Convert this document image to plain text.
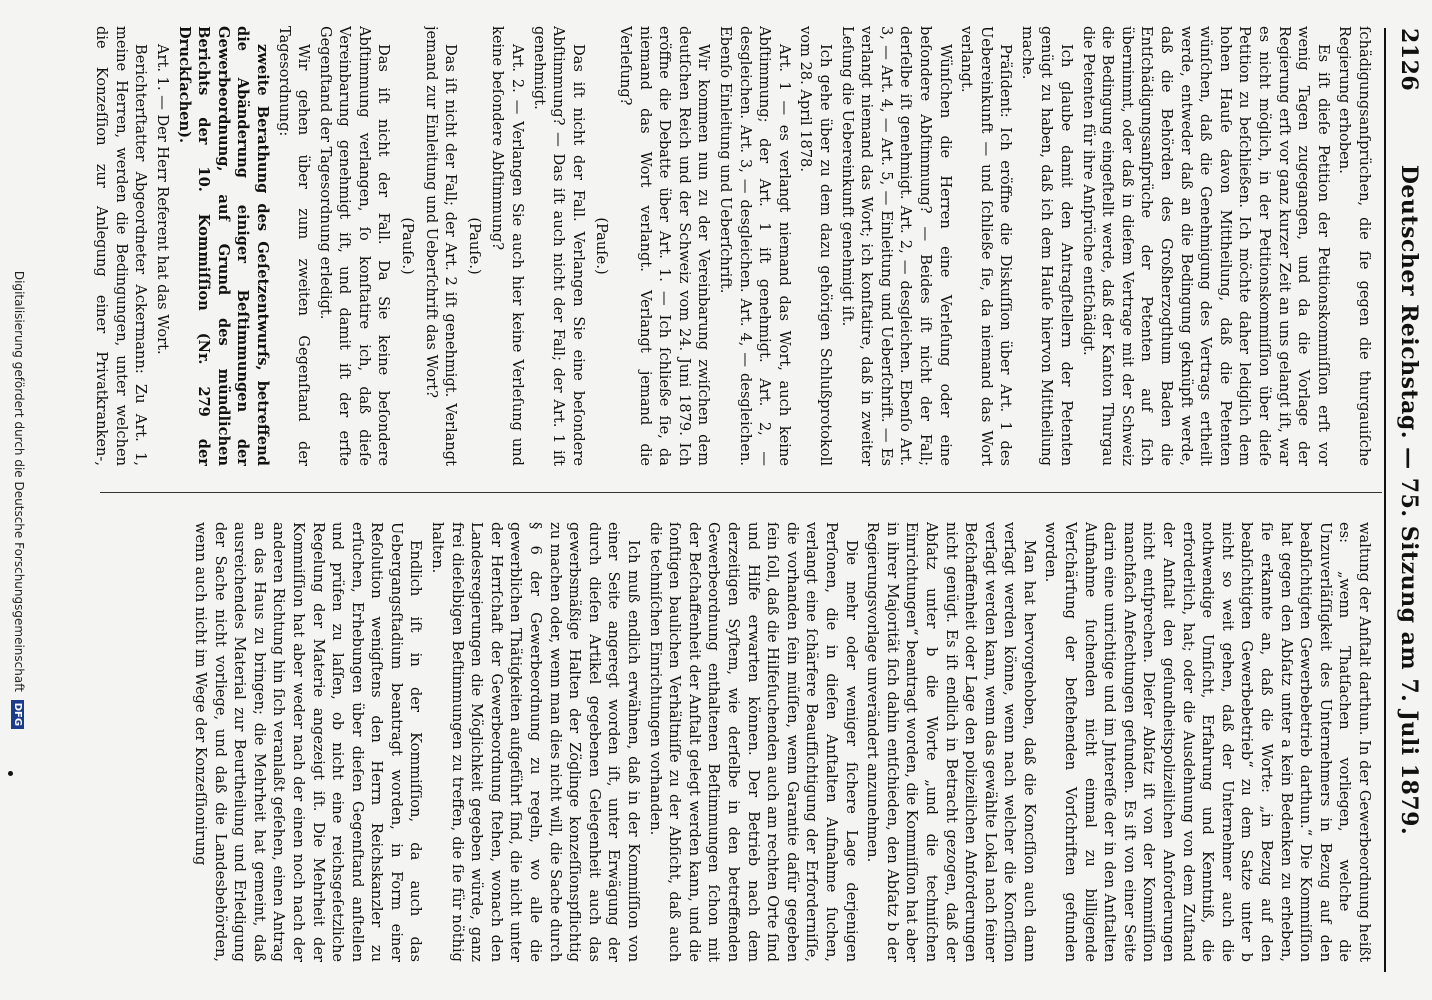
2126
Deutscher Reichstag. — 75. Sitzung am 7. Juli 1879.

ſchädigungsanſprüchen, die ſie gegen die thurgauiſche Regierung erhoben.

Es iſt dieſe Petition der Petitionskommiſſion erſt vor wenig Tagen zugegangen, und da die Vorlage der Regierung erſt vor ganz kurzer Zeit an uns gelangt iſt, war es nicht möglich, in der Petitionskommiſſion über dieſe Petition zu beſchließen. Ich möchte daher lediglich dem hohen Hauſe davon Mittheilung, daß die Petenten wünſchen, daß die Genehmigung des Vertrags ertheilt werde, entweder daß an die Bedingung geknüpft werde, daß die Behörden des Großherzogthum Baden die Entſchädigungsanſprüche der Petenten auf ſich übernimmt, oder daß in dieſem Vertrage mit der Schweiz die Bedingung eingeſtellt werde, daß der Kanton Thurgau die Petenten für ihre Anſprüche entſchädigt.

Ich glaube damit den Antragſtellern der Petenten genügt zu haben, daß ich dem Hauſe hiervon Mittheilung mache.

Präſident: Ich eröffne die Diskuſſion über Art. 1 des Uebereinkunft — und ſchließe ſie, da niemand das Wort verlangt.

Wünſchen die Herren eine Verleſung oder eine beſondere Abſtimmung? — Beides iſt nicht der Fall; derſelbe iſt genehmigt. Art. 2, — desgleichen. Ebenſo Art. 3, — Art. 4, — Art. 5, — Einleitung und Ueberſchrift. — Es verlangt niemand das Wort; ich konſtatire, daß in zweiter Leſung die Uebereinkunft genehmigt iſt.

Ich gehe über zu dem dazu gehörigen Schlußprotokoll vom 28. April 1878.

Art. 1 — es verlangt niemand das Wort, auch keine Abſtimmung; der Art. 1 iſt genehmigt. Art. 2, — desgleichen. Art. 3, — desgleichen. Art. 4, — desgleichen. Ebenſo Einleitung und Ueberſchrift.

Wir kommen nun zu der Vereinbarung zwiſchen dem deutſchen Reich und der Schweiz vom 24. Juni 1879. Ich eröffne die Debatte über Art. 1. — Ich ſchließe ſie, da niemand das Wort verlangt. Verlangt jemand die Verleſung?

(Pauſe.)

Das iſt nicht der Fall. Verlangen Sie eine beſondere Abſtimmung? — Das iſt auch nicht der Fall; der Art. 1 iſt genehmigt.

Art. 2. — Verlangen Sie auch hier keine Verleſung und keine beſondere Abſtimmung?

(Pauſe.)

Das iſt nicht der Fall; der Art. 2 iſt genehmigt. Verlangt jemand zur Einleitung und Ueberſchrift das Wort?

(Pauſe.)

Das iſt nicht der Fall. Da Sie keine beſondere Abſtimmung verlangen, ſo konſtatire ich, daß dieſe Vereinbarung genehmigt iſt, und damit iſt der erſte Gegenſtand der Tagesordnung erledigt.

Wir gehen über zum zweiten Gegenſtand der Tagesordnung:

zweite Berathung des Geſetzentwurfs, betreffend die Abänderung einiger Beſtimmungen der Gewerbeordnung, auf Grund des mündlichen Berichts der 10. Kommiſſion (Nr. 279 der Druckſachen).

Art. 1. — Der Herr Referent hat das Wort.

Berichterſtatter Abgeordneter Ackermann: Zu Art. 1, meine Herren, werden die Bedingungen, unter welchen die Konzeſſion zur Anlegung einer Privatkranken-,

waltung der Anſtalt darthun. In der Gewerbeordnung heißt es: „wenn Thatſachen vorliegen, welche die Unzuverläſſigkeit des Unternehmers in Bezug auf den beabſichtigten Gewerbebetrieb darthun.“ Die Kommiſſion hat gegen den Abſatz unter a kein Bedenken zu erheben, ſie erkannte an, daß die Worte: „in Bezug auf den beabſichtigten Gewerbebetrieb“ zu dem Satze unter b nicht so weit gehen, daß der Unternehmer auch die nothwendige Umſicht, Erfahrung und Kenntniß, die erforderlich, hat; oder die Ausdehnung von dem Zuſtand der Anſtalt den geſundheitspolizeilichen Anforderungen nicht entſprechen. Dieſer Abſatz iſt von der Kommiſſion manchfach Anfechtungen gefunden. Es iſt von einer Seite darin eine unrichtige und im Jntereſſe der in den Anſtalten Aufnahme ſuchenden nicht einmal zu billigende Verſchärfung der beſtehenden Vorſchriften gefunden worden.

Man hat hervorgehoben, daß die Koncſſion auch dann verſagt werden könne, wenn nach welcher die Koncſſion verſagt werden kann, wenn das gewählte Lokal nach ſeiner Beſchaffenheit oder Lage den polizeilichen Anforderungen nicht genügt. Es iſt endlich in Betracht gezogen, daß der Abſatz unter b die Worte „und die techniſchen Einrichtungen“ beantragt worden, die Kommiſſion hat aber in ihrer Majorität ſich dahin entſchieden, den Abſatz b der Regierungsvorlage unverändert anzunehmen.

Die mehr oder weniger ſichere Lage derjenigen Perſonen, die in dieſen Anſtalten Aufnahme ſuchen, verlangt eine ſchärfere Beaufſichtigung der Erforderniſſe, die vorhanden ſein müſſen, wenn Garantie dafür gegeben ſein ſoll, daß die Hilfeſuchenden auch am rechten Orte ſind und Hilfe erwarten können. Der Betrieb nach dem derzeitigen Syſtem, wie derſelbe in den betreffenden Gewerbeordnung enthaltenen Beſtimmungen ſchon mit der Beſchaffenheit der Anſtalt gelegt werden kann, und die ſonſtigen baulichen Verhältniſſe zu der Abſicht, daß auch die techniſchen Einrichtungen vorhanden.

Ich muß endlich erwähnen, daß in der Kommiſſion von einer Seite angeregt worden iſt, unter Erwägung der durch dieſen Artikel gegebenen Gelegenheit auch das gewerbsmäßige Halten der Zöglinge konzeſſionspflichtig zu machen oder, wenn man dies nicht will, die Sache durch § 6 der Gewerbeordnung zu regeln, wo alle die gewerblichen Thätigkeiten aufgeführt ſind, die nicht unter der Herrſchaft der Gewerbeordnung ſtehen, wonach den Landesregierungen die Möglichkeit gegeben würde, ganz frei dieſelbigen Beſtimmungen zu treffen, die ſie für nöthig halten.

Endlich iſt in der Kommiſſion, da auch das Uebergangsſtadium beantragt worden, in Form einer Reſolution wenigſtens den Herrn Reichskanzler zu erſuchen, Erhebungen über dieſen Gegenſtand anſtellen und prüfen zu laſſen, ob nicht eine reichsgeſetzliche Regelung der Materie angezeigt iſt. Die Mehrheit der Kommiſſion hat aber weder nach der einen noch nach der anderen Richtung hin ſich veranlaßt geſehen, einen Antrag an das Haus zu bringen; die Mehrheit hat gemeint, daß ausreichendes Material zur Beurtheilung und Erledigung der Sache nicht vorliege, und daß die Landesbehörden, wenn auch nicht im Wege der Konzeſſionirung

Digitalisierung gefördert durch die Deutsche Forschungsgemeinschaft DFG
